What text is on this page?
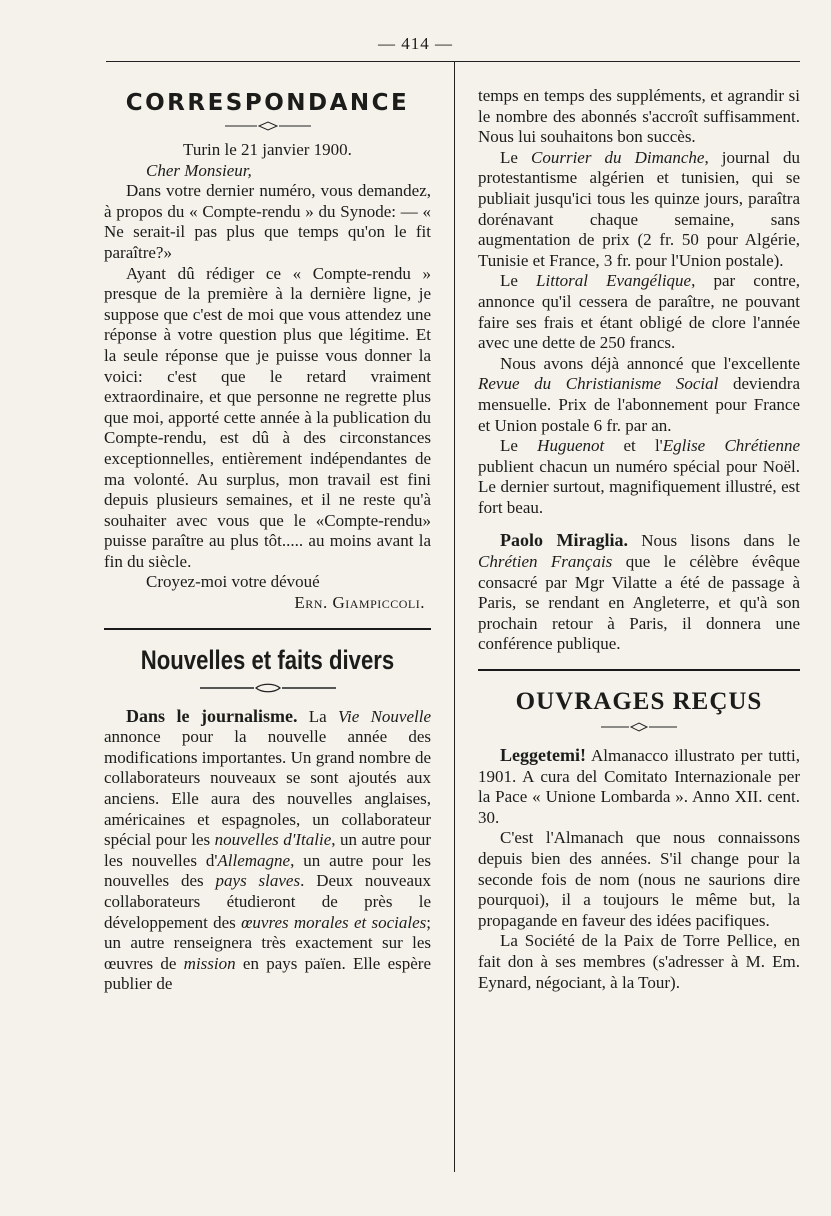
— 414 —
CORRESPONDANCE

Turin le 21 janvier 1900.

Cher Monsieur,

Dans votre dernier numéro, vous demandez, à propos du « Compte-rendu » du Synode: — « Ne serait-il pas plus que temps qu'on le fit paraître?»

Ayant dû rédiger ce « Compte-rendu » presque de la première à la dernière ligne, je suppose que c'est de moi que vous attendez une réponse à votre question plus que légitime. Et la seule réponse que je puisse vous donner la voici: c'est que le retard vraiment extraordinaire, et que personne ne regrette plus que moi, apporté cette année à la publication du Compte-rendu, est dû à des circonstances exceptionnelles, entièrement indépendantes de ma volonté. Au surplus, mon travail est fini depuis plusieurs semaines, et il ne reste qu'à souhaiter avec vous que le «Compte-rendu» puisse paraître au plus tôt..... au moins avant la fin du siècle.

Croyez-moi votre dévoué

Ern. Giampiccoli.

Nouvelles et faits divers

Dans le journalisme. La Vie Nouvelle annonce pour la nouvelle année des modifications importantes. Un grand nombre de collaborateurs nouveaux se sont ajoutés aux anciens. Elle aura des nouvelles anglaises, américaines et espagnoles, un collaborateur spécial pour les nouvelles d'Italie, un autre pour les nouvelles d'Allemagne, un autre pour les nouvelles des pays slaves. Deux nouveaux collaborateurs étudieront de près le développement des œuvres morales et sociales; un autre renseignera très exactement sur les œuvres de mission en pays païen. Elle espère publier de

temps en temps des suppléments, et agrandir si le nombre des abonnés s'accroît suffisamment. Nous lui souhaitons bon succès.

Le Courrier du Dimanche, journal du protestantisme algérien et tunisien, qui se publiait jusqu'ici tous les quinze jours, paraîtra dorénavant chaque semaine, sans augmentation de prix (2 fr. 50 pour Algérie, Tunisie et France, 3 fr. pour l'Union postale).

Le Littoral Evangélique, par contre, annonce qu'il cessera de paraître, ne pouvant faire ses frais et étant obligé de clore l'année avec une dette de 250 francs.

Nous avons déjà annoncé que l'excellente Revue du Christianisme Social deviendra mensuelle. Prix de l'abonnement pour France et Union postale 6 fr. par an.

Le Huguenot et l'Eglise Chrétienne publient chacun un numéro spécial pour Noël. Le dernier surtout, magnifiquement illustré, est fort beau.

Paolo Miraglia. Nous lisons dans le Chrétien Français que le célèbre évêque consacré par Mgr Vilatte a été de passage à Paris, se rendant en Angleterre, et qu'à son prochain retour à Paris, il donnera une conférence publique.

OUVRAGES REÇUS

Leggetemi! Almanacco illustrato per tutti, 1901. A cura del Comitato Internazionale per la Pace « Unione Lombarda ». Anno XII. cent. 30.

C'est l'Almanach que nous connaissons depuis bien des années. S'il change pour la seconde fois de nom (nous ne saurions dire pourquoi), il a toujours le même but, la propagande en faveur des idées pacifiques.

La Société de la Paix de Torre Pellice, en fait don à ses membres (s'adresser à M. Em. Eynard, négociant, à la Tour).
